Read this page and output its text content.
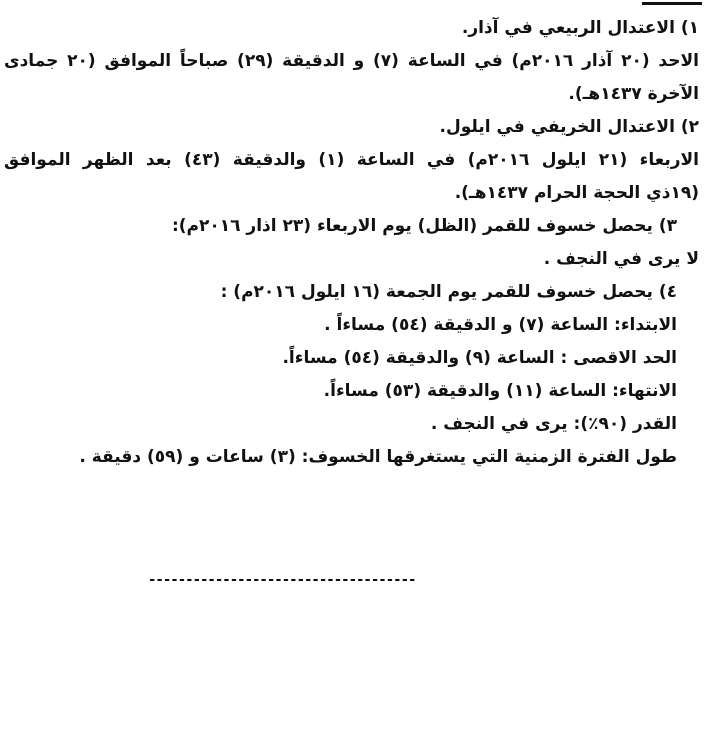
١) الاعتدال الربيعي في آذار.
الاحد (٢٠ آذار ٢٠١٦م) في الساعة (٧) و الدقيقة (٢٩) صباحاً الموافق (٢٠ جمادى
الآخرة ١٤٣٧هـ).
٢) الاعتدال الخريفي في ايلول.
الاربعاء (٢١ ايلول ٢٠١٦م) في الساعة (١) والدقيقة (٤٣) بعد الظهر الموافق
(١٩ذي الحجة الحرام ١٤٣٧هـ).
٣) يحصل خسوف للقمر (الظل) يوم الاربعاء (٢٣ اذار ٢٠١٦م):
لا يرى في النجف .
٤) يحصل خسوف للقمر يوم الجمعة (١٦ ايلول ٢٠١٦م) :
الابتداء: الساعة (٧) و الدقيقة (٥٤) مساءاً .
الحد الاقصى : الساعة (٩) والدقيقة (٥٤) مساءاً.
الانتهاء: الساعة (١١) والدقيقة (٥٣) مساءاً.
القدر (٩٠٪): يرى في النجف .
طول الفترة الزمنية التي يستغرقها الخسوف: (٣) ساعات و (٥٩) دقيقة .
------------------------------------
